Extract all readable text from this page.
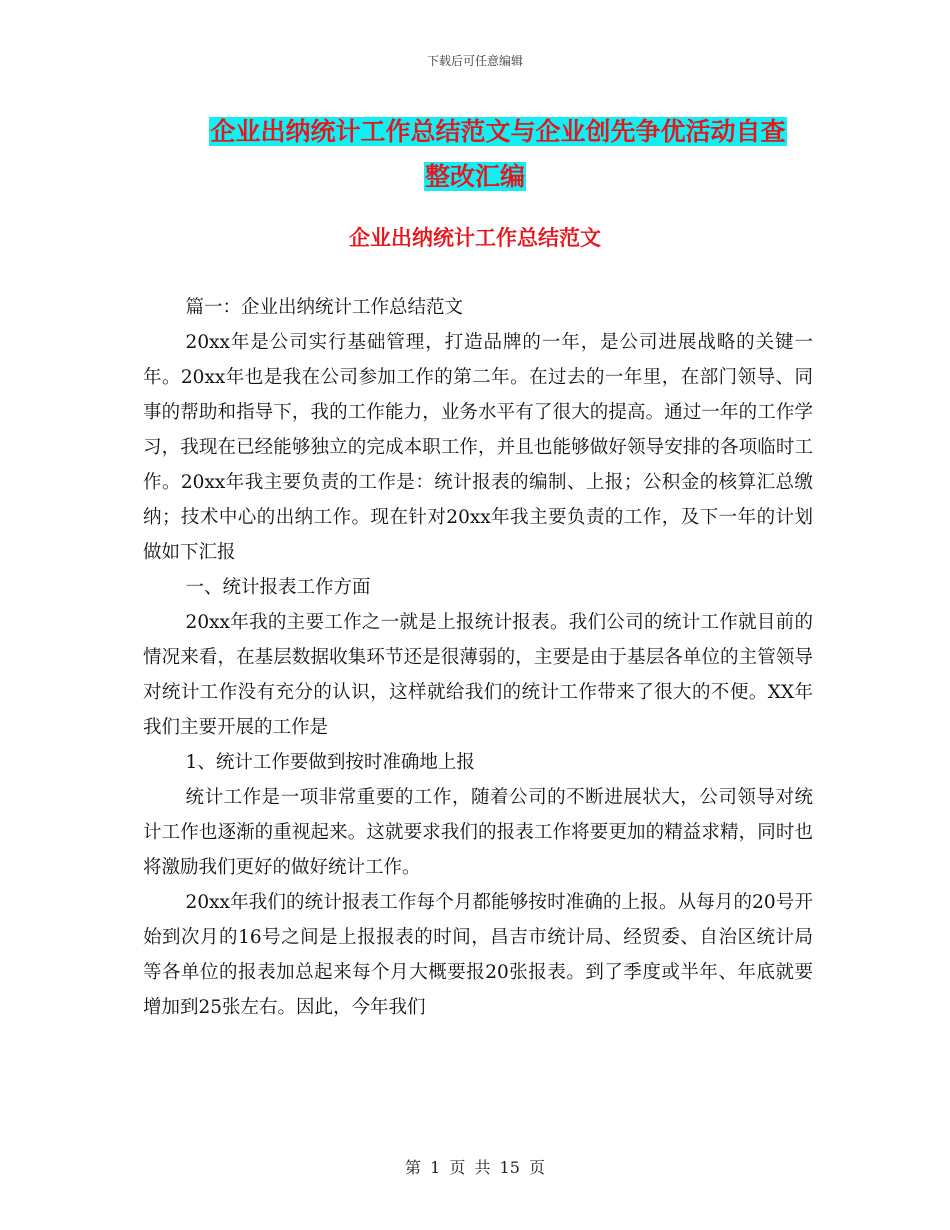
下载后可任意编辑
企业出纳统计工作总结范文与企业创先争优活动自查
整改汇编
企业出纳统计工作总结范文

篇一：企业出纳统计工作总结范文

20xx年是公司实行基础管理，打造品牌的一年，是公司进展战略的关键一年。20xx年也是我在公司参加工作的第二年。在过去的一年里，在部门领导、同事的帮助和指导下，我的工作能力，业务水平有了很大的提高。通过一年的工作学习，我现在已经能够独立的完成本职工作，并且也能够做好领导安排的各项临时工作。20xx年我主要负责的工作是：统计报表的编制、上报；公积金的核算汇总缴纳；技术中心的出纳工作。现在针对20xx年我主要负责的工作，及下一年的计划做如下汇报

一、统计报表工作方面

20xx年我的主要工作之一就是上报统计报表。我们公司的统计工作就目前的情况来看，在基层数据收集环节还是很薄弱的，主要是由于基层各单位的主管领导对统计工作没有充分的认识，这样就给我们的统计工作带来了很大的不便。XX年我们主要开展的工作是

1、统计工作要做到按时准确地上报

统计工作是一项非常重要的工作，随着公司的不断进展状大，公司领导对统计工作也逐渐的重视起来。这就要求我们的报表工作将要更加的精益求精，同时也将激励我们更好的做好统计工作。

20xx年我们的统计报表工作每个月都能够按时准确的上报。从每月的20号开始到次月的16号之间是上报报表的时间，昌吉市统计局、经贸委、自治区统计局等各单位的报表加总起来每个月大概要报20张报表。到了季度或半年、年底就要增加到25张左右。因此，今年我们

第 1 页 共 15 页
